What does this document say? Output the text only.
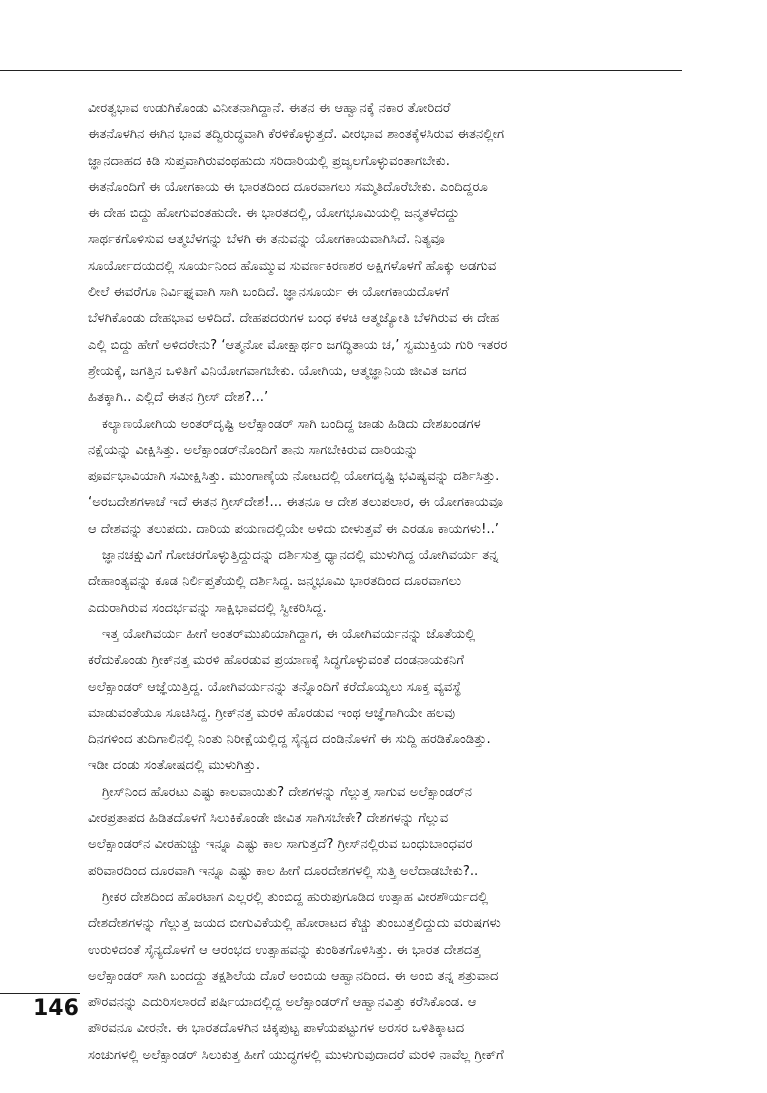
ವೀರತ್ವಭಾವ ಉಡುಗಿಕೊಂಡು ವಿನೀತನಾಗಿದ್ದಾನೆ. ಈತನ ಈ ಆಹ್ವಾನಕ್ಕೆ ನಕಾರ ತೋರಿದರೆ
ಈತನೊಳಗಿನ ಈಗಿನ ಭಾವ ತದ್ವಿರುದ್ಧವಾಗಿ ಕೆರಳಿಕೊಳ್ಳುತ್ತದೆ. ವೀರಭಾವ ಶಾಂತಕ್ಕೆಳಸಿರುವ ಈತನಲ್ಲೀಗ
ಜ್ಞಾನದಾಹದ ಕಿಡಿ ಸುಪ್ತವಾಗಿರುವಂಥಹುದು ಸರಿದಾರಿಯಲ್ಲಿ ಪ್ರಜ್ವಲಗೊಳ್ಳುವಂತಾಗಬೇಕು.
ಈತನೊಂದಿಗೆ ಈ ಯೋಗಕಾಯ ಈ ಭಾರತದಿಂದ ದೂರವಾಗಲು ಸಮ್ಮತಿದೊರೆಬೇಕು. ಎಂದಿದ್ದರೂ
ಈ ದೇಹ ಬಿದ್ದು ಹೋಗುವಂತಹುದೇ. ಈ ಭಾರತದಲ್ಲಿ, ಯೋಗಭೂಮಿಯಲ್ಲಿ ಜನ್ಮತಳೆದದ್ದು
ಸಾರ್ಥಕಗೊಳಿಸುವ ಆತ್ಮಬೆಳಗನ್ನು ಬೆಳಗಿ ಈ ತನುವನ್ನು ಯೋಗಕಾಯವಾಗಿಸಿದೆ. ನಿತ್ಯವೂ
ಸೂರ್ಯೋದಯದಲ್ಲಿ ಸೂರ್ಯನಿಂದ ಹೊಮ್ಮುವ ಸುವರ್ಣಕಿರಣಶರ ಅಕ್ಷಿಗಳೊಳಗೆ ಹೊಕ್ಕು ಅಡಗುವ
ಲೀಲೆ ಈವರೆಗೂ ನಿರ್ವಿಘ್ನವಾಗಿ ಸಾಗಿ ಬಂದಿದೆ. ಜ್ಞಾನಸೂರ್ಯ ಈ ಯೋಗಕಾಯದೊಳಗೆ
ಬೆಳಗಿಕೊಂಡು ದೇಹಭಾವ ಅಳಿದಿದೆ. ದೇಹಪದರುಗಳ ಬಂಧ ಕಳಚಿ ಆತ್ಮಜ್ಯೋತಿ ಬೆಳಗಿರುವ ಈ ದೇಹ
ಎಲ್ಲಿ ಬಿದ್ದು ಹೇಗೆ ಅಳಿದರೇನು? ‘ಆತ್ಮನೋ ಮೋಕ್ಷಾರ್ಥಂ ಜಗದ್ಧಿತಾಯ ಚ,’ ಸ್ವಮುಕ್ತಿಯ ಗುರಿ ಇತರರ
ಶ್ರೇಯಕ್ಕೆ, ಜಗತ್ತಿನ ಒಳಿತಿಗೆ ವಿನಿಯೋಗವಾಗಬೇಕು. ಯೋಗಿಯ, ಆತ್ಮಜ್ಞಾನಿಯ ಜೀವಿತ ಜಗದ
ಹಿತಕ್ಕಾಗಿ.. ಎಲ್ಲಿದೆ ಈತನ ಗ್ರೀಸ್ ದೇಶ?...’
ಕಲ್ಯಾಣಯೋಗಿಯ ಅಂತರ್‌ದೃಷ್ಟಿ ಅಲೆಕ್ಸಾಂಡರ್ ಸಾಗಿ ಬಂದಿದ್ದ ಜಾಡು ಹಿಡಿದು ದೇಶಖಂಡಗಳ
ನಕ್ಷೆಯನ್ನು ವೀಕ್ಷಿಸಿತ್ತು. ಅಲೆಕ್ಸಾಂಡರ್‌ನೊಂದಿಗೆ ತಾನು ಸಾಗಬೇಕಿರುವ ದಾರಿಯನ್ನು
ಪೂರ್ವಭಾವಿಯಾಗಿ ಸಮೀಕ್ಷಿಸಿತ್ತು. ಮುಂಗಾಣ್ಕೆಯ ನೋಟದಲ್ಲಿ ಯೋಗದೃಷ್ಟಿ ಭವಿಷ್ಯವನ್ನು ದರ್ಶಿಸಿತ್ತು.
‘ಅರಬದೇಶಗಳಾಚೆ ಇದೆ ಈತನ ಗ್ರೀಸ್‌ದೇಶ!... ಈತನೂ ಆ ದೇಶ ತಲುಪಲಾರ, ಈ ಯೋಗಕಾಯವೂ
ಆ ದೇಶವನ್ನು ತಲುಪದು. ದಾರಿಯ ಪಯಣದಲ್ಲಿಯೇ ಅಳಿದು ಬೀಳುತ್ತವೆ ಈ ಎರಡೂ ಕಾಯಗಳು!..’
ಜ್ಞಾನಚಕ್ಷುವಿಗೆ ಗೋಚರಗೊಳ್ಳುತ್ತಿದ್ದುದನ್ನು ದರ್ಶಿಸುತ್ತ ಧ್ಯಾನದಲ್ಲಿ ಮುಳುಗಿದ್ದ ಯೋಗಿವರ್ಯ ತನ್ನ
ದೇಹಾಂತ್ಯವನ್ನು ಕೂಡ ನಿರ್ಲಿಪ್ತತೆಯಲ್ಲಿ ದರ್ಶಿಸಿದ್ದ. ಜನ್ಮಭೂಮಿ ಭಾರತದಿಂದ ದೂರವಾಗಲು
ಎದುರಾಗಿರುವ ಸಂದರ್ಭವನ್ನು ಸಾಕ್ಷಿಭಾವದಲ್ಲಿ ಸ್ವೀಕರಿಸಿದ್ದ.
ಇತ್ತ ಯೋಗಿವರ್ಯ ಹೀಗೆ ಅಂತರ್‌ಮುಖಿಯಾಗಿದ್ದಾಗ, ಈ ಯೋಗಿವರ್ಯನನ್ನು ಜೊತೆಯಲ್ಲಿ
ಕರೆದುಕೊಂಡು ಗ್ರೀಕ್‌ನತ್ತ ಮರಳಿ ಹೊರಡುವ ಪ್ರಯಾಣಕ್ಕೆ ಸಿದ್ಧಗೊಳ್ಳುವಂತೆ ದಂಡನಾಯಕನಿಗೆ
ಅಲೆಕ್ಸಾಂಡರ್ ಆಜ್ಞೆಯಿತ್ತಿದ್ದ. ಯೋಗಿವರ್ಯನನ್ನು ತನ್ನೊಂದಿಗೆ ಕರೆದೊಯ್ಯಲು ಸೂಕ್ತ ವ್ಯವಸ್ಥೆ
ಮಾಡುವಂತೆಯೂ ಸೂಚಿಸಿದ್ದ. ಗ್ರೀಕ್‌ನತ್ತ ಮರಳಿ ಹೊರಡುವ ಇಂಥ ಆಜ್ಞೆಗಾಗಿಯೇ ಹಲವು
ದಿನಗಳಿಂದ ತುದಿಗಾಲಿನಲ್ಲಿ ನಿಂತು ನಿರೀಕ್ಷೆಯಲ್ಲಿದ್ದ ಸೈನ್ಯದ ದಂಡಿನೊಳಗೆ ಈ ಸುದ್ದಿ ಹರಡಿಕೊಂಡಿತ್ತು.
ಇಡೀ ದಂಡು ಸಂತೋಷದಲ್ಲಿ ಮುಳುಗಿತ್ತು.
ಗ್ರೀಸ್‌ನಿಂದ ಹೊರಟು ಎಷ್ಟು ಕಾಲವಾಯಿತು? ದೇಶಗಳನ್ನು ಗೆಲ್ಲುತ್ತ ಸಾಗುವ ಅಲೆಕ್ಸಾಂಡರ್‌ನ
ವೀರಪ್ರತಾಪದ ಹಿಡಿತದೊಳಗೆ ಸಿಲುಕಿಕೊಂಡೇ ಜೀವಿತ ಸಾಗಿಸಬೇಕೇ? ದೇಶಗಳನ್ನು ಗೆಲ್ಲುವ
ಅಲೆಕ್ಸಾಂಡರ್‌ನ ವೀರಹುಚ್ಚು ಇನ್ನೂ ಎಷ್ಟು ಕಾಲ ಸಾಗುತ್ತದೆ? ಗ್ರೀಸ್‌ನಲ್ಲಿರುವ ಬಂಧುಬಾಂಧವರ
ಪರಿವಾರದಿಂದ ದೂರವಾಗಿ ಇನ್ನೂ ಎಷ್ಟು ಕಾಲ ಹೀಗೆ ದೂರದೇಶಗಳಲ್ಲಿ ಸುತ್ತಿ ಅಲೆದಾಡಬೇಕು?..
ಗ್ರೀಕರ ದೇಶದಿಂದ ಹೊರಟಾಗ ಎಲ್ಲರಲ್ಲಿ ತುಂಬಿದ್ದ ಹುರುಪುಗೂಡಿದ ಉತ್ಸಾಹ ವೀರಶೌರ್ಯದಲ್ಲಿ
ದೇಶದೇಶಗಳನ್ನು ಗೆಲ್ಲುತ್ತ ಜಯದ ಬೀಗುವಿಕೆಯಲ್ಲಿ ಹೋರಾಟದ ಕೆಚ್ಚು ತುಂಬುತ್ತಲಿದ್ದುದು ವರುಷಗಳು
ಉರುಳಿದಂತೆ ಸೈನ್ಯದೊಳಗೆ ಆ ಆರಂಭದ ಉತ್ಸಾಹವನ್ನು ಕುಂಠಿತಗೊಳಿಸಿತ್ತು. ಈ ಭಾರತ ದೇಶದತ್ತ
ಅಲೆಕ್ಸಾಂಡರ್ ಸಾಗಿ ಬಂದದ್ದು ತಕ್ಷಶಿಲೆಯ ದೊರೆ ಅಂಬಿಯ ಆಹ್ವಾನದಿಂದ. ಈ ಅಂಬಿ ತನ್ನ ಶತ್ರುವಾದ
ಪೌರವನನ್ನು ಎದುರಿಸಲಾರದೆ ಪರ್ಷಿಯಾದಲ್ಲಿದ್ದ ಅಲೆಕ್ಸಾಂಡರ್‌ಗೆ ಆಹ್ವಾನವಿತ್ತು ಕರೆಸಿಕೊಂಡ. ಆ
ಪೌರವನೂ ವೀರನೇ. ಈ ಭಾರತದೊಳಗಿನ ಚಿಕ್ಕಪುಟ್ಟ ಪಾಳೆಯಪಟ್ಟುಗಳ ಅರಸರ ಒಳಿತಿಕ್ಕಾಟದ
ಸಂಚುಗಳಲ್ಲಿ ಅಲೆಕ್ಸಾಂಡರ್ ಸಿಲುಕುತ್ತ ಹೀಗೆ ಯುದ್ಧಗಳಲ್ಲಿ ಮುಳುಗುವುದಾದರೆ ಮರಳಿ ನಾವೆಲ್ಲ ಗ್ರೀಕ್‌ಗೆ
146
